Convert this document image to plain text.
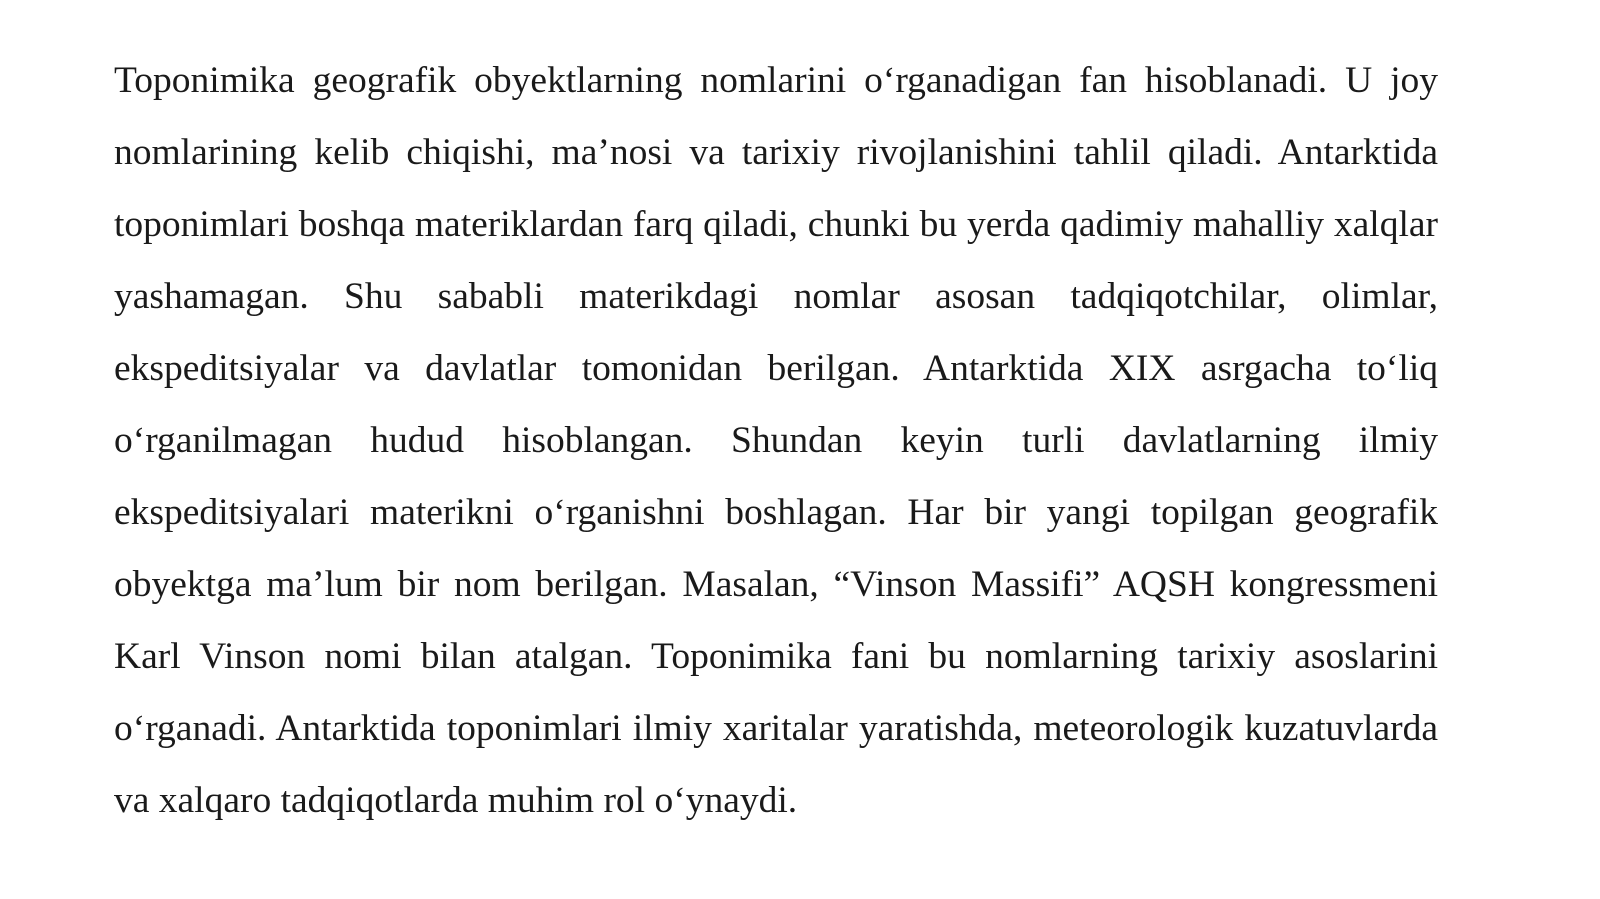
Toponimika geografik obyektlarning nomlarini o‘rganadigan fan hisoblanadi. U joy nomlarining kelib chiqishi, ma’nosi va tarixiy rivojlanishini tahlil qiladi. Antarktida toponimlari boshqa materiklardan farq qiladi, chunki bu yerda qadimiy mahalliy xalqlar yashamagan. Shu sababli materikdagi nomlar asosan tadqiqotchilar, olimlar, ekspeditsiyalar va davlatlar tomonidan berilgan. Antarktida XIX asrgacha to‘liq o‘rganilmagan hudud hisoblangan. Shundan keyin turli davlatlarning ilmiy ekspeditsiyalari materikni o‘rganishni boshlagan. Har bir yangi topilgan geografik obyektga ma’lum bir nom berilgan. Masalan, “Vinson Massifi” AQSH kongressmeni Karl Vinson nomi bilan atalgan. Toponimika fani bu nomlarning tarixiy asoslarini o‘rganadi. Antarktida toponimlari ilmiy xaritalar yaratishda, meteorologik kuzatuvlarda va xalqaro tadqiqotlarda muhim rol o‘ynaydi.
